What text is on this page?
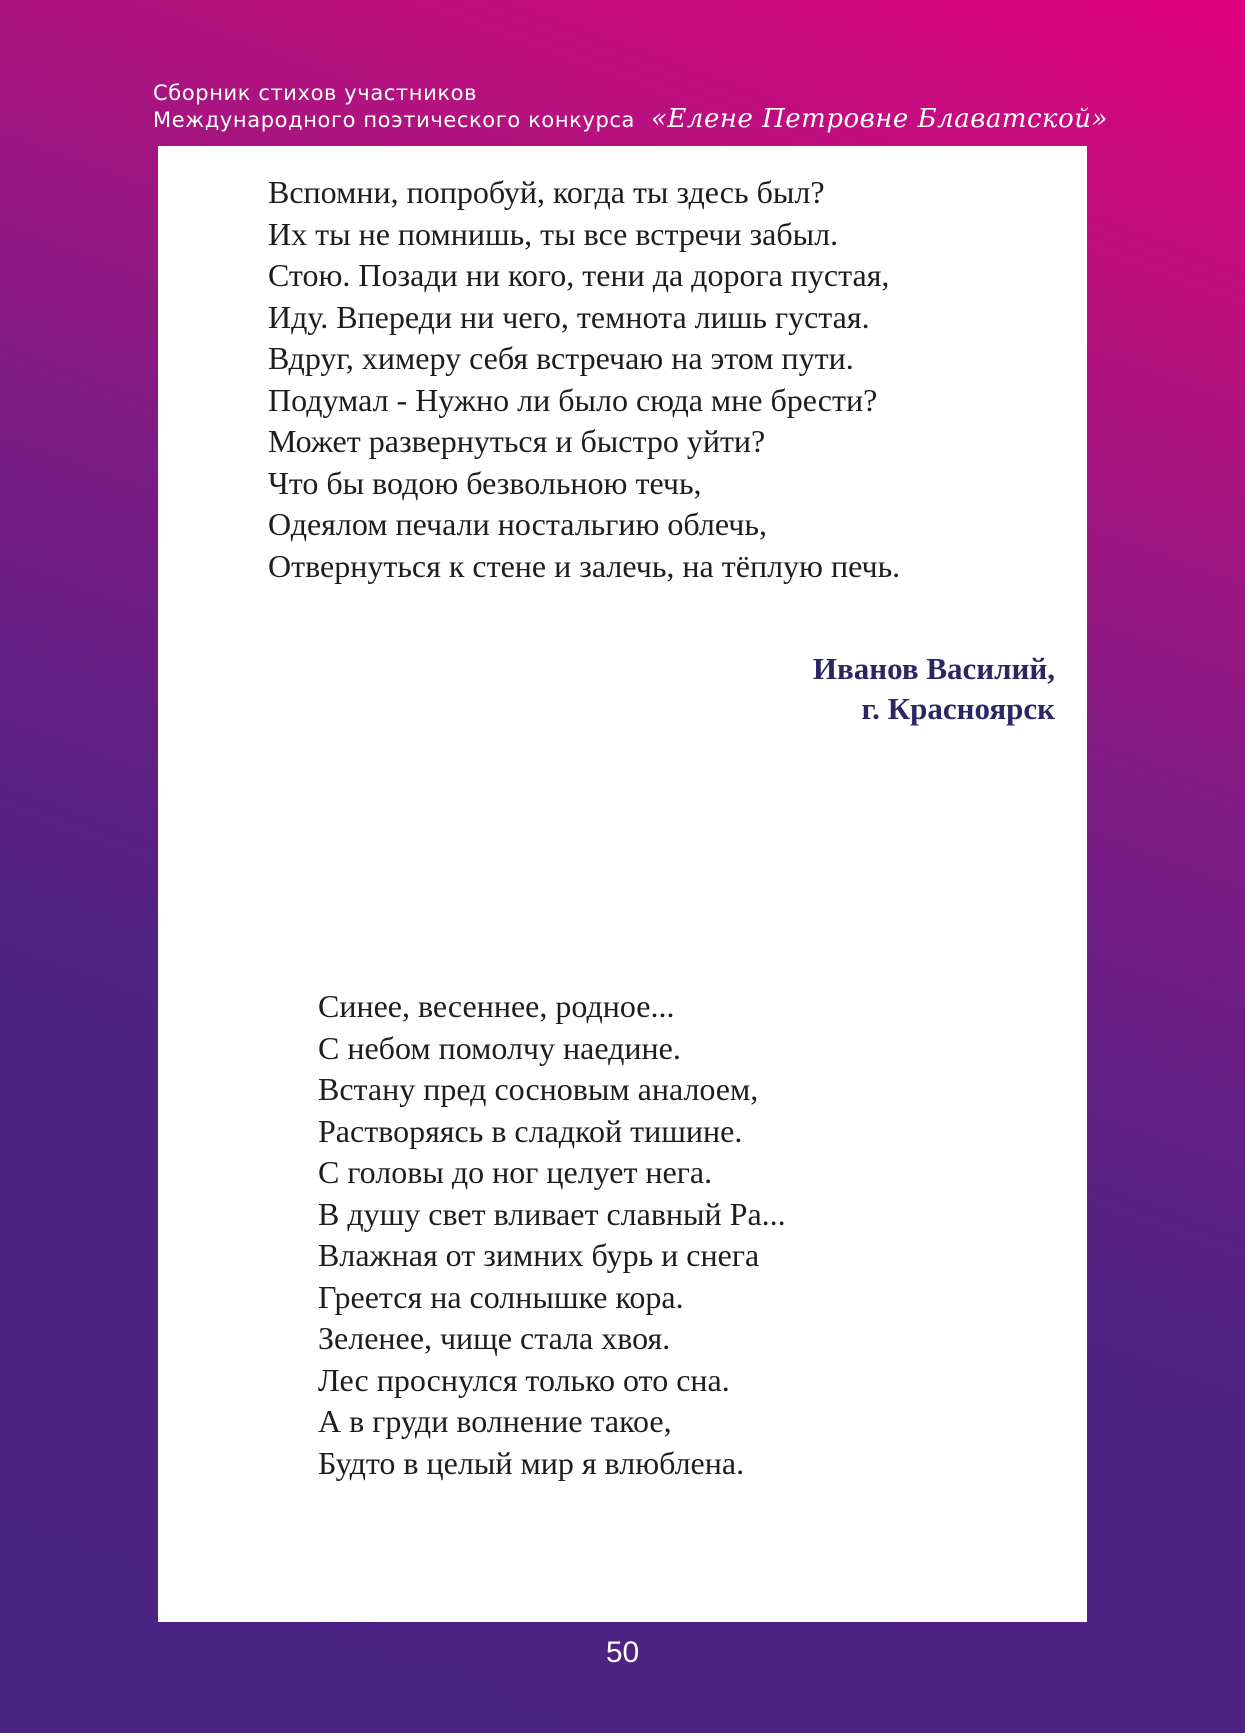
Сборник стихов участников
Международного поэтического конкурса «Елене Петровне Блаватской»
Вспомни, попробуй, когда ты здесь был?
Их ты не помнишь, ты все встречи забыл.
Стою. Позади ни кого, тени да дорога пустая,
Иду. Впереди ни чего, темнота лишь густая.
Вдруг, химеру себя встречаю на этом пути.
Подумал - Нужно ли было сюда мне брести?
Может развернуться и быстро уйти?
Что бы водою безвольною течь,
Одеялом печали ностальгию облечь,
Отвернуться к стене и залечь, на тёплую печь.
Иванов Василий,
г. Красноярск
Синее, весеннее, родное...
С небом помолчу наедине.
Встану пред сосновым аналоем,
Растворяясь в сладкой тишине.
С головы до ног целует нега.
В душу свет вливает славный Ра...
Влажная от зимних бурь и снега
Греется на солнышке кора.
Зеленее, чище стала хвоя.
Лес проснулся только ото сна.
А в груди волнение такое,
Будто в целый мир я влюблена.
50
